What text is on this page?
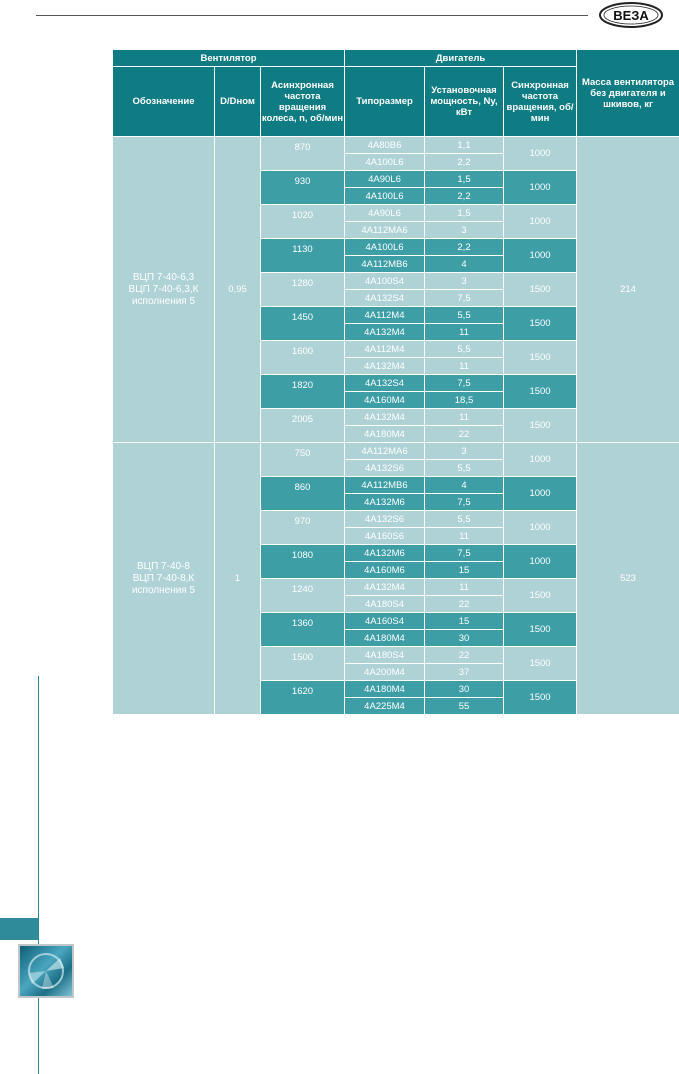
ВЕЗА
Вентилятор			Двигатель			Масса вентилятора без двигателя и шкивов, кг
Обозначение	D/Dном	Асинхронная частота вращения колеса, n, об/мин	Типоразмер	Установочная мощность, Nу, кВт	Синхронная частота вращения, об/мин	
ВЦП 7-40-6,3
ВЦП 7-40-6,3,К
исполнения 5	0,95	870	4A80B6	1,1	1000	214
			4A100L6	2,2		
		930	4A90L6	1,5	1000	
			4A100L6	2,2		
		1020	4A90L6	1,5	1000	
			4A112MA6	3		
		1130	4A100L6	2,2	1000	
			4A112MB6	4		
		1280	4A100S4	3	1500	
			4A132S4	7,5		
		1450	4A112M4	5,5	1500	
			4A132M4	11		
		1600	4A112M4	5,5	1500	
			4A132M4	11		
		1820	4A132S4	7,5	1500	
			4A160M4	18,5		
		2005	4A132M4	11	1500	
			4A180M4	22		
ВЦП 7-40-8
ВЦП 7-40-8,К
исполнения 5	1	750	4A112MA6	3	1000	523
			4A132S6	5,5		
		860	4A112MB6	4	1000	
			4A132M6	7,5		
		970	4A132S6	5,5	1000	
			4A160S6	11		
		1080	4A132M6	7,5	1000	
			4A160M6	15		
		1240	4A132M4	11	1500	
			4A180S4	22		
		1360	4A160S4	15	1500	
			4A180M4	30		
		1500	4A180S4	22	1500	
			4A200M4	37		
		1620	4A180M4	30	1500	
			4A225M4	55		
